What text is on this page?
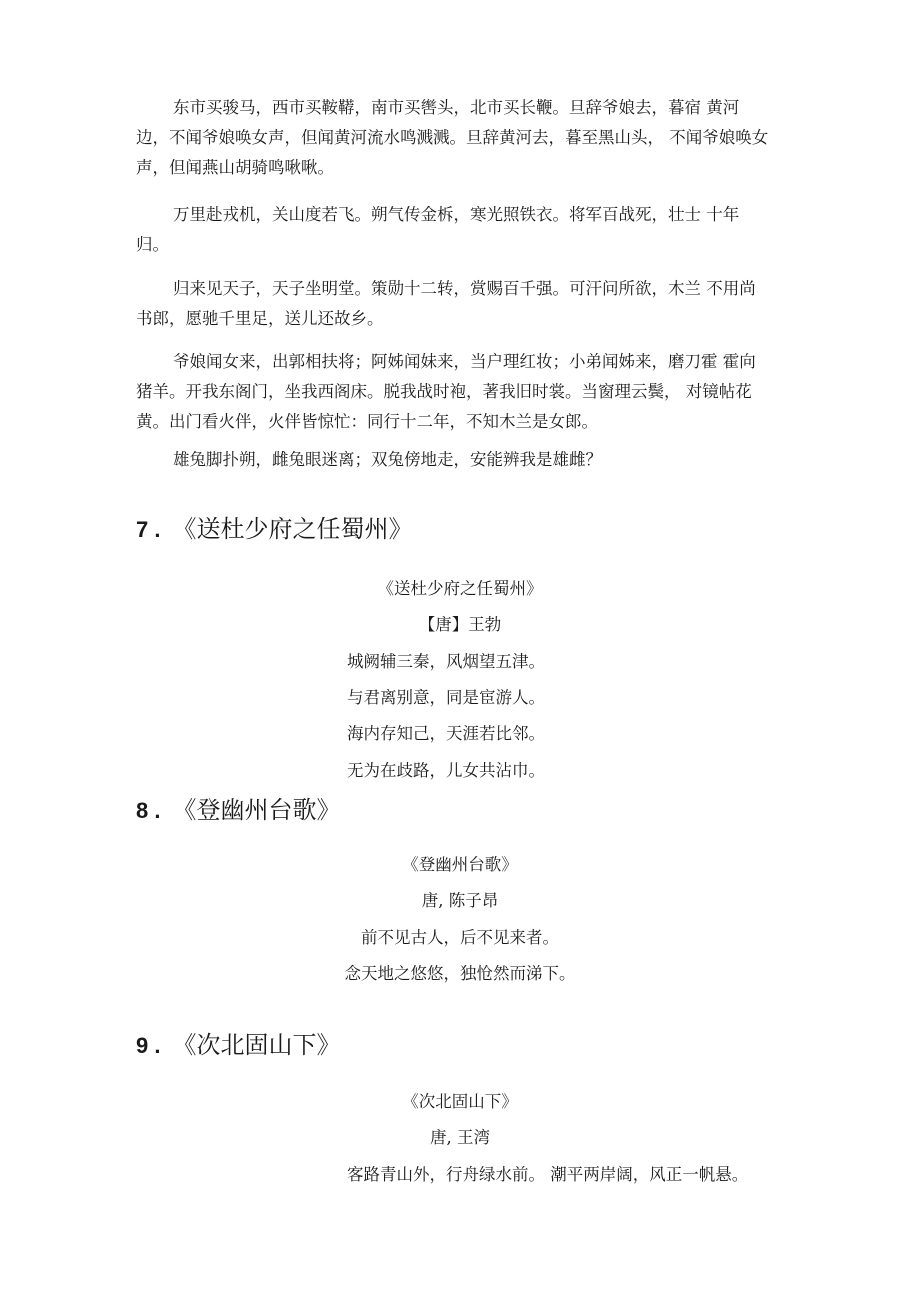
东市买骏马，西市买鞍鞯，南市买辔头，北市买长鞭。旦辞爷娘去，暮宿 黄河
边，不闻爷娘唤女声，但闻黄河流水鸣溅溅。旦辞黄河去，暮至黑山头， 不闻爷娘唤女
声，但闻燕山胡骑鸣啾啾。

万里赴戎机，关山度若飞。朔气传金柝，寒光照铁衣。将军百战死，壮士 十年
归。

归来见天子，天子坐明堂。策勋十二转，赏赐百千强。可汗问所欲，木兰 不用尚
书郎，愿驰千里足，送儿还故乡。

爷娘闻女来，出郭相扶将；阿姊闻妹来，当户理红妆；小弟闻姊来，磨刀霍 霍向
猪羊。开我东阁门，坐我西阁床。脱我战时袍，著我旧时裳。当窗理云鬓， 对镜帖花
黄。出门看火伴，火伴皆惊忙：同行十二年，不知木兰是女郎。

雄兔脚扑朔，雌兔眼迷离；双兔傍地走，安能辨我是雄雌？

7 . 《送杜少府之任蜀州》

《送杜少府之任蜀州》

【唐】王勃

城阙辅三秦，风烟望五津。

与君离别意，同是宦游人。

海内存知己，天涯若比邻。

无为在歧路，儿女共沾巾。

8 . 《登幽州台歌》

《登幽州台歌》

唐, 陈子昂

前不见古人，后不见来者。

念天地之悠悠，独怆然而涕下。

9 . 《次北固山下》

《次北固山下》

唐, 王湾

客路青山外，行舟绿水前。 潮平两岸阔，风正一帆悬。
